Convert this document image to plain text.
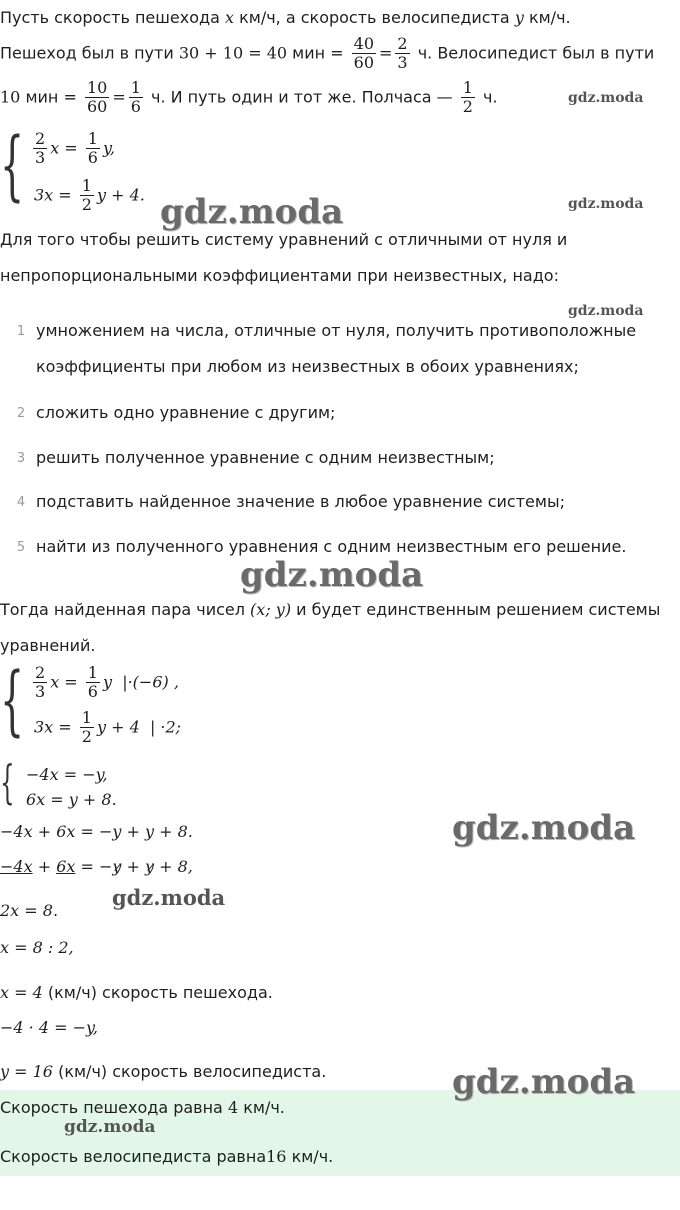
Пусть скорость пешехода x км/ч, а скорость велосипедиста y км/ч.
Пешеход был в пути 30 + 10 = 40 мин = $\frac{40}{60} = \frac{2}{3} ч$. Велосипедист был в пути
10 мин = $\frac{10}{60} = \frac{1}{6} ч$. И путь один и тот же. Полчаса — $\frac{1}{2} ч$.	gdz.moda
{ $\frac{2}{3}$ $x = \frac{1}{6} y$,
$3x = \frac{1}{2}$ y + 4. gdz.moda	gdz.moda
Для того чтобы решить систему уравнений с отличными от нуля и
непропорциональными коэффициентами при неизвестных, надо:
gdz.moda
1 умножением на числа, отличные от нуля, получить противоположные
коэффициенты при любом из неизвестных в обоих уравнениях;
2 сложить одно уравнение с другим;
3 решить полученное уравнение с одним неизвестным;
4 подставить найденное значение в любое уравнение системы;
5 найти из полученного уравнения с одним неизвестным его решение.
gdz.moda
Тогда найденная пара чисел (x; y) и будет единственным решением системы
уравнений.
{ $\frac{2}{3}$ $x = \frac{1}{6}$ y  |·(−6) ,
$3x = \frac{1}{2}$ y + 4  | ·2;
{ −4x = −y,
6x = y + 8.
−4x + 6x = −y + y + 8.	gdz.moda
−4x + 6x = −y + y + 8,
gdz.moda
2x = 8.
x = 8 : 2,
x = 4 (км/ч) скорость пешехода.
−4 · 4 = −y,
y = 16 (км/ч) скорость велосипедиста.	gdz.moda
Скорость пешехода равна 4 км/ч.
gdz.moda
Скорость велосипедиста равна16 км/ч.
